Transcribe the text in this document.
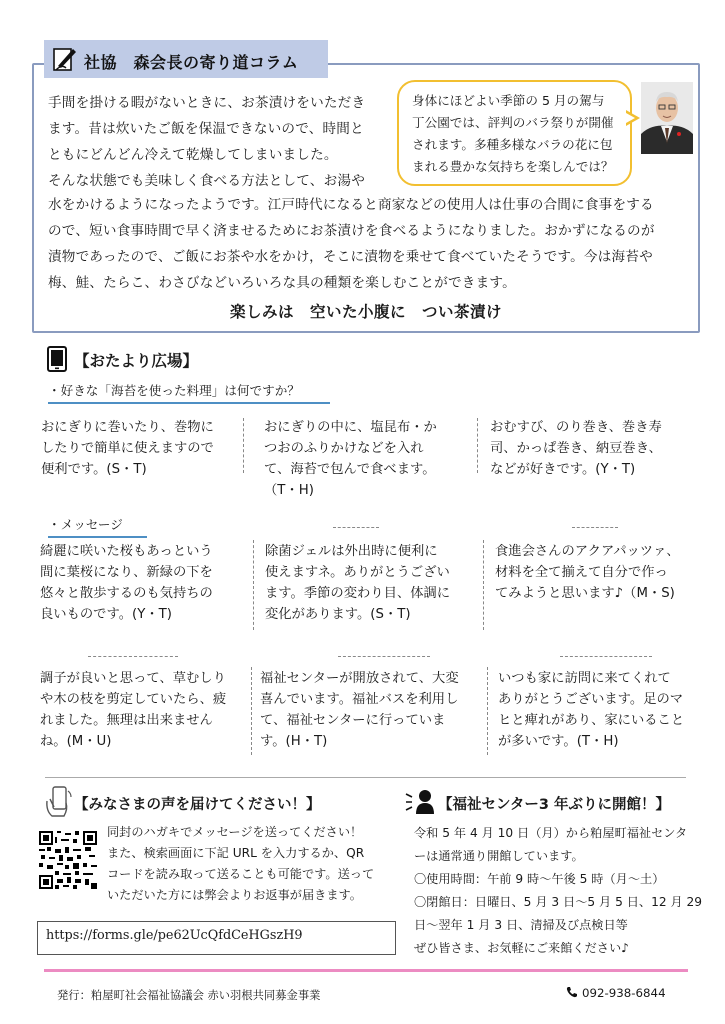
社協　森会長の寄り道コラム
手間を掛ける暇がないときに、お茶漬けをいただき
ます。昔は炊いたご飯を保温できないので、時間と
ともにどんどん冷えて乾燥してしまいました。
そんな状態でも美味しく食べる方法として、お湯や
水をかけるようになったようです。江戸時代になると商家などの使用人は仕事の合間に食事をする
ので、短い食事時間で早く済ませるためにお茶漬けを食べるようになりました。おかずになるのが
漬物であったので、ご飯にお茶や水をかけ，そこに漬物を乗せて食べていたそうです。今は海苔や
梅、鮭、たらこ、わさびなどいろいろな具の種類を楽しむことができます。
身体にほどよい季節の 5 月の駕与
丁公園では、評判のバラ祭りが開催
されます。多種多様なバラの花に包
まれる豊かな気持ちを楽しんでは？
楽しみは　空いた小腹に　つい茶漬け
【おたより広場】
・好きな「海苔を使った料理」は何ですか？
おにぎりに巻いたり、巻物に
したりで簡単に使えますので
便利です。(S・T)
おにぎりの中に、塩昆布・か
つおのふりかけなどを入れ
て、海苔で包んで食べます。
（T・H)
おむすび、のり巻き、巻き寿
司、かっぱ巻き、納豆巻き、
などが好きです。(Y・T)
・メッセージ
綺麗に咲いた桜もあっという
間に葉桜になり、新緑の下を
悠々と散歩するのも気持ちの
良いものです。(Y・T)
除菌ジェルは外出時に便利に
使えますネ。ありがとうござい
ます。季節の変わり目、体調に
変化があります。(S・T)
食進会さんのアクアパッツァ、
材料を全て揃えて自分で作っ
てみようと思います♪（M・S)
調子が良いと思って、草むしり
や木の枝を剪定していたら、疲
れました。無理は出来ません
ね。(M・U)
福祉センターが開放されて、大変
喜んでいます。福祉バスを利用し
て、福祉センターに行っていま
す。(H・T)
いつも家に訪問に来てくれて
ありがとうございます。足のマ
ヒと痺れがあり、家にいること
が多いです。(T・H)
【みなさまの声を届けてください！】
同封のハガキでメッセージを送ってください！
また、検索画面に下記 URL を入力するか、QR
コードを読み取って送ることも可能です。送って
いただいた方には弊会よりお返事が届きます。
https://forms.gle/pe62UcQfdCeHGszH9
【福祉センター3 年ぶりに開館！】
令和 5 年 4 月 10 日（月）から粕屋町福祉センタ
ーは通常通り開館しています。
〇使用時間：午前 9 時～午後 5 時（月～土）
〇閉館日：日曜日、5 月 3 日～5 月 5 日、12 月 29
日～翌年 1 月 3 日、清掃及び点検日等
ぜひ皆さま、お気軽にご来館ください♪
発行：粕屋町社会福祉協議会 赤い羽根共同募金事業	092-938-6844
